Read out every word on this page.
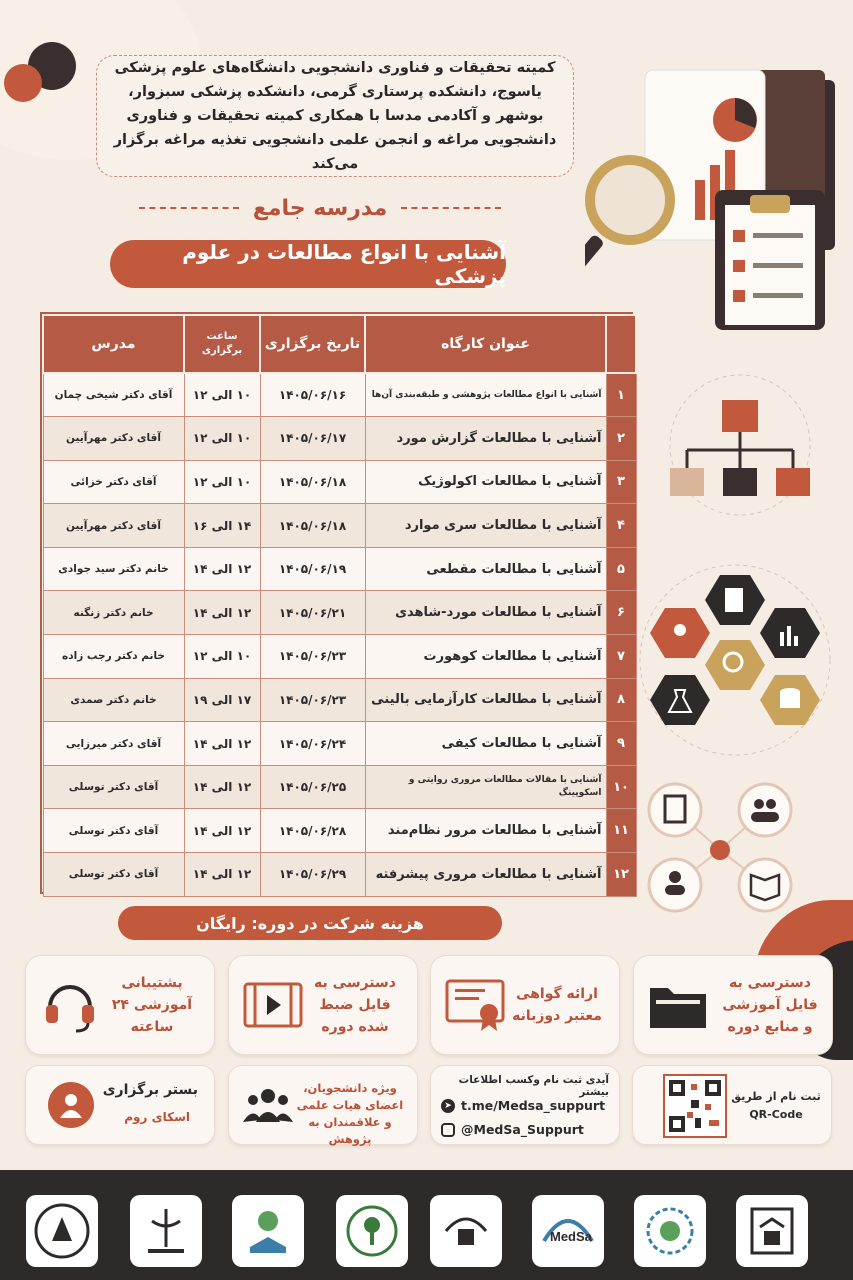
کمیته تحقیقات و فناوری دانشجویی دانشگاه‌های علوم پزشکی یاسوج، دانشکده پرستاری گرمی، دانشکده پزشکی سبزوار، بوشهر و آکادمی مدسا با همکاری کمیته تحقیقات و فناوری دانشجویی مراغه و انجمن علمی دانشجویی تغذیه مراغه برگزار می‌کند

مدرسه جامع
آشنایی با انواع مطالعات در علوم پزشکی
	عنوان کارگاه	تاریخ برگزاری	ساعت برگزاری	مدرس
۱	آشنایی با انواع مطالعات پژوهشی و طبقه‌بندی آن‌ها	۱۴۰۵/۰۶/۱۶	۱۰ الی ۱۲	آقای دکتر شیخی چمان
۲	آشنایی با مطالعات گزارش مورد	۱۴۰۵/۰۶/۱۷	۱۰ الی ۱۲	آقای دکتر مهرآیین
۳	آشنایی با مطالعات اکولوژیک	۱۴۰۵/۰۶/۱۸	۱۰ الی ۱۲	آقای دکتر خزائی
۴	آشنایی با مطالعات سری موارد	۱۴۰۵/۰۶/۱۸	۱۴ الی ۱۶	آقای دکتر مهرآیین
۵	آشنایی با مطالعات مقطعی	۱۴۰۵/۰۶/۱۹	۱۲ الی ۱۴	خانم دکتر سید جوادی
۶	آشنایی با مطالعات مورد-شاهدی	۱۴۰۵/۰۶/۲۱	۱۲ الی ۱۴	خانم دکتر زنگنه
۷	آشنایی با مطالعات کوهورت	۱۴۰۵/۰۶/۲۳	۱۰ الی ۱۲	خانم دکتر رجب زاده
۸	آشنایی با مطالعات کارآزمایی بالینی	۱۴۰۵/۰۶/۲۳	۱۷ الی ۱۹	خانم دکتر صمدی
۹	آشنایی با مطالعات کیفی	۱۴۰۵/۰۶/۲۴	۱۲ الی ۱۴	آقای دکتر میرزایی
۱۰	آشنایی با مقالات مطالعات مروری روایتی و اسکوپینگ	۱۴۰۵/۰۶/۲۵	۱۲ الی ۱۴	آقای دکتر توسلی
۱۱	آشنایی با مطالعات مرور نظام‌مند	۱۴۰۵/۰۶/۲۸	۱۲ الی ۱۴	آقای دکتر توسلی
۱۲	آشنایی با مطالعات مروری پیشرفته	۱۴۰۵/۰۶/۲۹	۱۲ الی ۱۴	آقای دکتر توسلی
هزینه شرکت در دوره: رایگان
دسترسی به فایل آموزشی و منابع دوره
ارائه گواهی معتبر دوزبانه
دسترسی به فایل ضبط شده دوره
پشتیبانی آموزشی ۲۴ ساعته
ثبت نام از طریق
QR-Code
آیدی ثبت نام وکسب اطلاعات بیشتر
➤ t.me/Medsa_suppurt
@MedSa_Suppurt
ویژه دانشجویان، اعضای هیات علمی و علاقمندان به پژوهش
بستر برگزاری
اسکای روم
MedSa
